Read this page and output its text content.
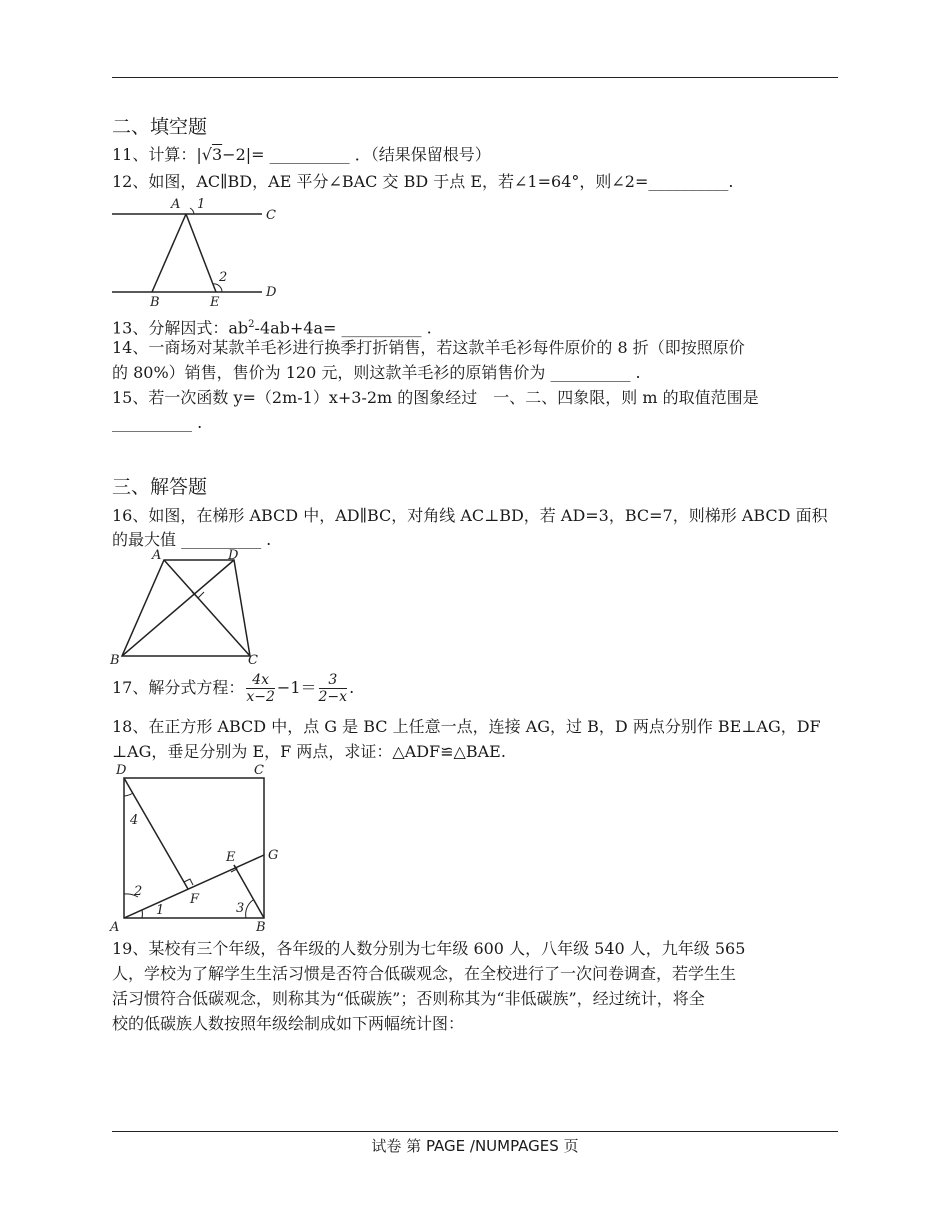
二、填空题
11、计算：|√3−2|= __________ ．（结果保留根号）
12、如图，AC∥BD，AE 平分∠BAC 交 BD 于点 E，若∠1=64°，则∠2=__________.
A 1
C
2
B	E
D
13、分解因式：$ab^2-4ab+4a=$ __________ .
14、一商场对某款羊毛衫进行换季打折销售，若这款羊毛衫每件原价的 8 折（即按照原价
的 80%）销售，售价为 120 元，则这款羊毛衫的原销售价为 __________ .
15、若一次函数 y=（2m-1）x+3-2m 的图象经过　一、二、四象限，则 m 的取值范围是
__________ .
三、解答题
16、如图，在梯形 ABCD 中，AD∥BC，对角线 AC⊥BD，若 AD=3，BC=7，则梯形 ABCD 面积
的最大值 __________ .
A	D
B	C
17、解分式方程： $\frac{4x}{x-2} -1= \frac{3}{2-x}$ .
18、在正方形 ABCD 中，点 G 是 BC 上任意一点，连接 AG，过 B，D 两点分别作 BE⊥AG，DF
⊥AG，垂足分别为 E，F 两点，求证：△ADF≌△BAE.
D	C
4
E	G
2
F
1	3
A	B
19、某校有三个年级，各年级的人数分别为七年级 600 人，八年级 540 人，九年级 565
人，学校为了解学生生活习惯是否符合低碳观念，在全校进行了一次问卷调查，若学生生
活习惯符合低碳观念，则称其为“低碳族”；否则称其为“非低碳族”，经过统计，将全
校的低碳族人数按照年级绘制成如下两幅统计图：
试卷 第 PAGE /NUMPAGES 页
